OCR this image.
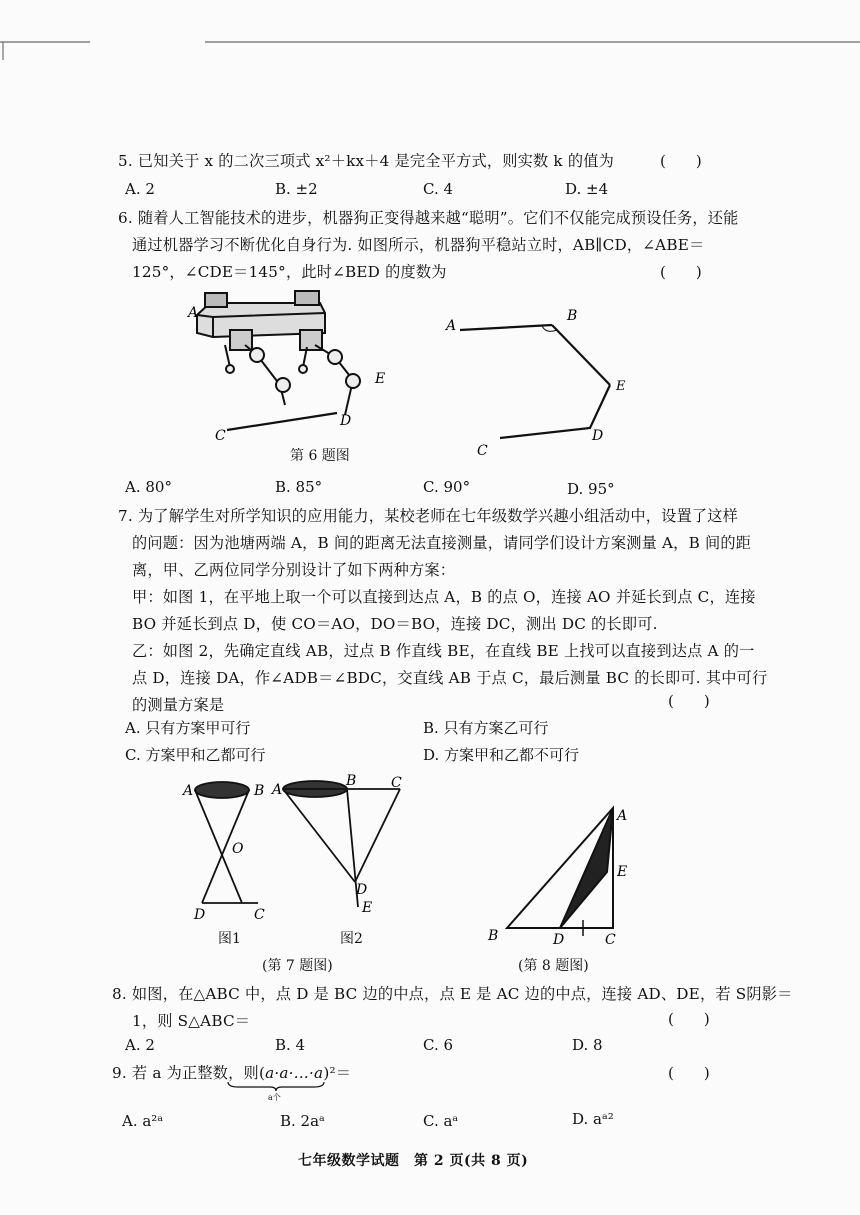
5. 已知关于 x 的二次三项式 x²＋kx＋4 是完全平方式，则实数 k 的值为	(　　)
A. 2	B. ±2	C. 4	D. ±4
6. 随着人工智能技术的进步，机器狗正变得越来越“聪明”。它们不仅能完成预设任务，还能
通过机器学习不断优化自身行为. 如图所示，机器狗平稳站立时，AB∥CD，∠ABE＝
125°，∠CDE＝145°，此时∠BED 的度数为	(　　)
A
E
D
C
第 6 题图
A
B
E
D
C
A. 80°	B. 85°	C. 90°	D. 95°
7. 为了解学生对所学知识的应用能力，某校老师在七年级数学兴趣小组活动中，设置了这样
的问题：因为池塘两端 A，B 间的距离无法直接测量，请同学们设计方案测量 A，B 间的距
离，甲、乙两位同学分别设计了如下两种方案：
甲：如图 1，在平地上取一个可以直接到达点 A，B 的点 O，连接 AO 并延长到点 C，连接
BO 并延长到点 D，使 CO＝AO，DO＝BO，连接 DC，测出 DC 的长即可.
乙：如图 2，先确定直线 AB，过点 B 作直线 BE，在直线 BE 上找可以直接到达点 A 的一
点 D，连接 DA，作∠ADB＝∠BDC，交直线 AB 于点 C，最后测量 BC 的长即可. 其中可行
的测量方案是	(　　)
A. 只有方案甲可行	B. 只有方案乙可行
C. 方案甲和乙都可行	D. 方案甲和乙都不可行
A	B
O
D	C
图1
A
B C
D
E
图2
(第 7 题图)
B
A
E
D	C
(第 8 题图)
8. 如图，在△ABC 中，点 D 是 BC 边的中点，点 E 是 AC 边的中点，连接 AD、DE，若 S阴影＝
1，则 S△ABC＝	(　　)
A. 2	B. 4	C. 6	D. 8
9. 若 a 为正整数，则(a·a·…·a)²＝
a个
(　　)
A. a²ᵃ	B. 2aᵃ	C. aᵃ	D. aᵃ²
七年级数学试题　第 2 页(共 8 页)
